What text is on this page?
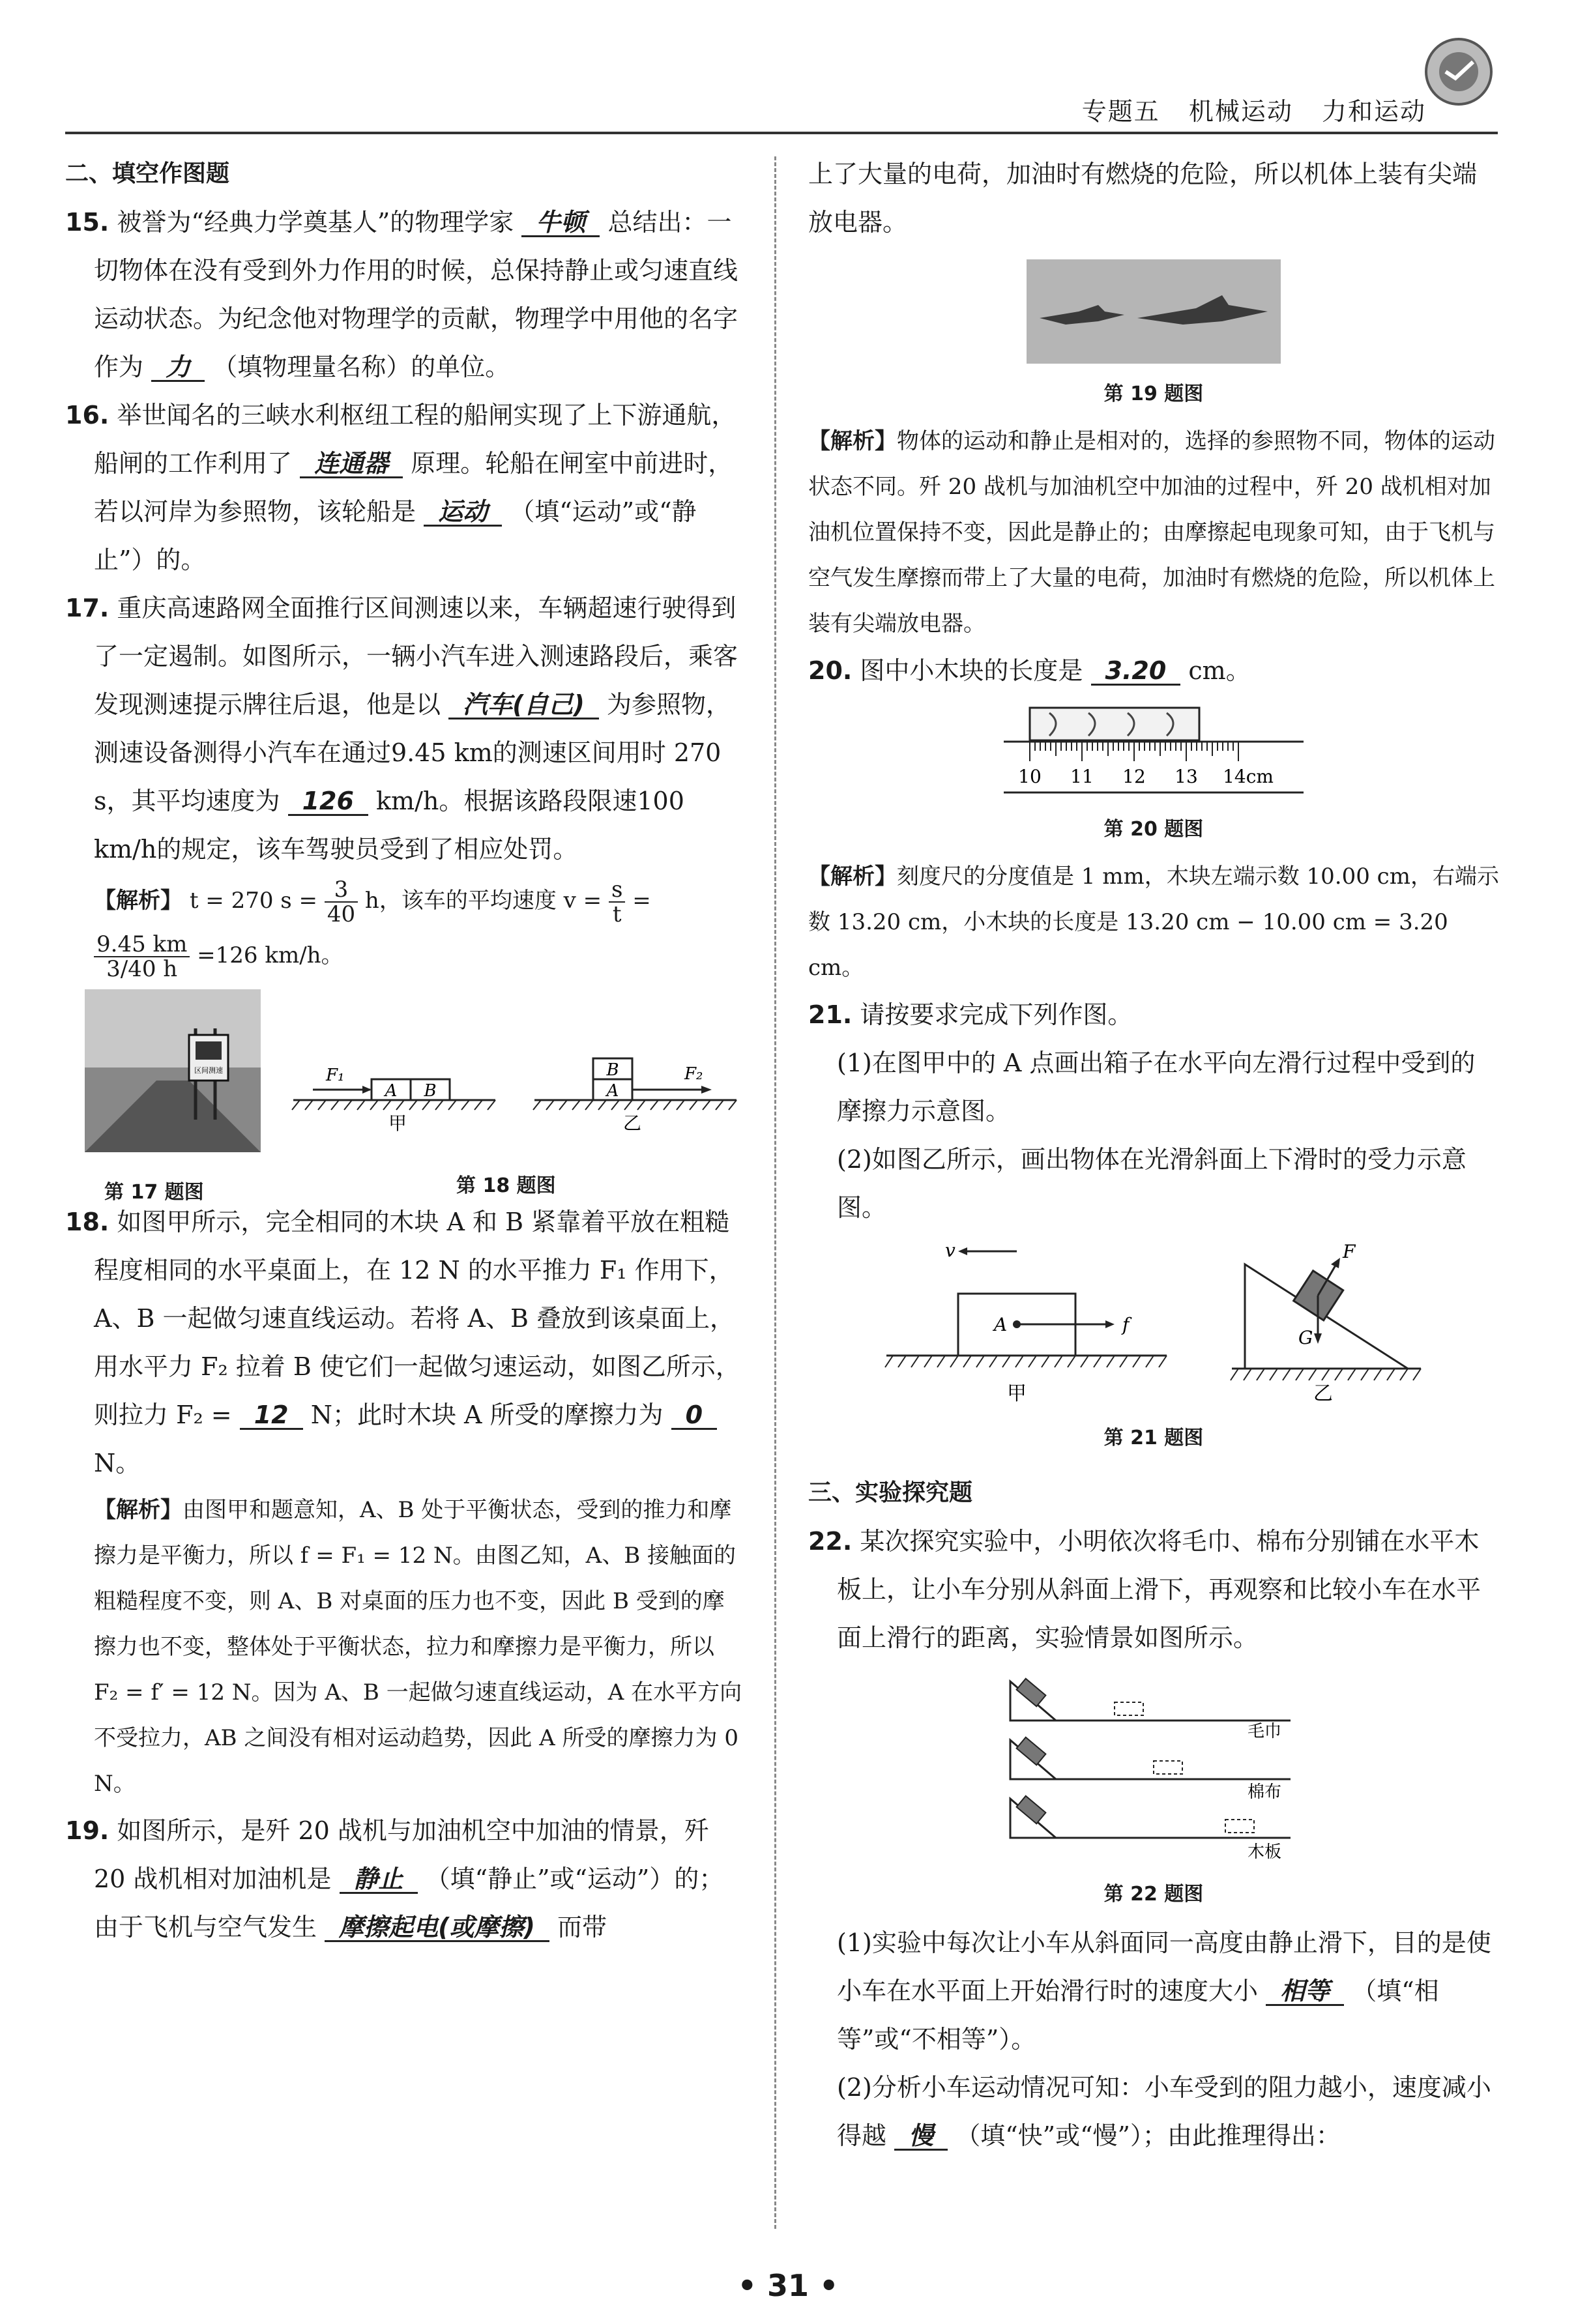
专题五 机械运动 力和运动

二、填空作图题

15. 被誉为“经典力学奠基人”的物理学家 牛顿 总结出：一切物体在没有受到外力作用的时候，总保持静止或匀速直线运动状态。为纪念他对物理学的贡献，物理学中用他的名字作为 力 （填物理量名称）的单位。

16. 举世闻名的三峡水利枢纽工程的船闸实现了上下游通航，船闸的工作利用了 连通器 原理。轮船在闸室中前进时，若以河岸为参照物，该轮船是 运动 （填“运动”或“静止”）的。

17. 重庆高速路网全面推行区间测速以来，车辆超速行驶得到了一定遏制。如图所示，一辆小汽车进入测速路段后，乘客发现测速提示牌往后退，他是以 汽车(自己) 为参照物，测速设备测得小汽车在通过9.45 km的测速区间用时 270 s，其平均速度为 126 km/h。根据该路段限速100 km/h的规定，该车驾驶员受到了相应处罚。

【解析】 t = 270 $s = \frac{3}{40}$ h，该车的平均速度 $v = \frac{s}{t}$ =
$\frac{9.45 km}{3/40 h} =126$ km/h。

区间测速
A B
F₁
甲
B
A
F₂
乙
第 17 题图	第 18 题图

18. 如图甲所示，完全相同的木块 A 和 B 紧靠着平放在粗糙程度相同的水平桌面上，在 12 N 的水平推力 F₁ 作用下，A、B 一起做匀速直线运动。若将 A、B 叠放到该桌面上，用水平力 F₂ 拉着 B 使它们一起做匀速运动，如图乙所示，则拉力 F₂ = 12 N；此时木块 A 所受的摩擦力为 0 N。

【解析】由图甲和题意知，A、B 处于平衡状态，受到的推力和摩擦力是平衡力，所以 f = F₁ = 12 N。由图乙知，A、B 接触面的粗糙程度不变，则 A、B 对桌面的压力也不变，因此 B 受到的摩擦力也不变，整体处于平衡状态，拉力和摩擦力是平衡力，所以 F₂ = f′ = 12 N。因为 A、B 一起做匀速直线运动，A 在水平方向不受拉力，AB 之间没有相对运动趋势，因此 A 所受的摩擦力为 0 N。

19. 如图所示，是歼 20 战机与加油机空中加油的情景，歼 20 战机相对加油机是 静止 （填“静止”或“运动”）的；由于飞机与空气发生 摩擦起电(或摩擦) 而带

上了大量的电荷，加油时有燃烧的危险，所以机体上装有尖端放电器。

第 19 题图

【解析】物体的运动和静止是相对的，选择的参照物不同，物体的运动状态不同。歼 20 战机与加油机空中加油的过程中，歼 20 战机相对加油机位置保持不变，因此是静止的；由摩擦起电现象可知，由于飞机与空气发生摩擦而带上了大量的电荷，加油时有燃烧的危险，所以机体上装有尖端放电器。

20. 图中小木块的长度是 3.20 cm。

10 11 12 13 14cm
第 20 题图

【解析】刻度尺的分度值是 1 mm，木块左端示数 10.00 cm，右端示数 13.20 cm，小木块的长度是 13.20 cm − 10.00 cm = 3.20 cm。

21. 请按要求完成下列作图。

(1)在图甲中的 A 点画出箱子在水平向左滑行过程中受到的摩擦力示意图。

(2)如图乙所示，画出物体在光滑斜面上下滑时的受力示意图。

v
A	f
甲
F
G
乙
第 21 题图

三、实验探究题

22. 某次探究实验中，小明依次将毛巾、棉布分别铺在水平木板上，让小车分别从斜面上滑下，再观察和比较小车在水平面上滑行的距离，实验情景如图所示。

毛巾
棉布
木板
第 22 题图

(1)实验中每次让小车从斜面同一高度由静止滑下，目的是使小车在水平面上开始滑行时的速度大小 相等 （填“相等”或“不相等”）。

(2)分析小车运动情况可知：小车受到的阻力越小，速度减小得越 慢 （填“快”或“慢”）；由此推理得出：

• 31 •
